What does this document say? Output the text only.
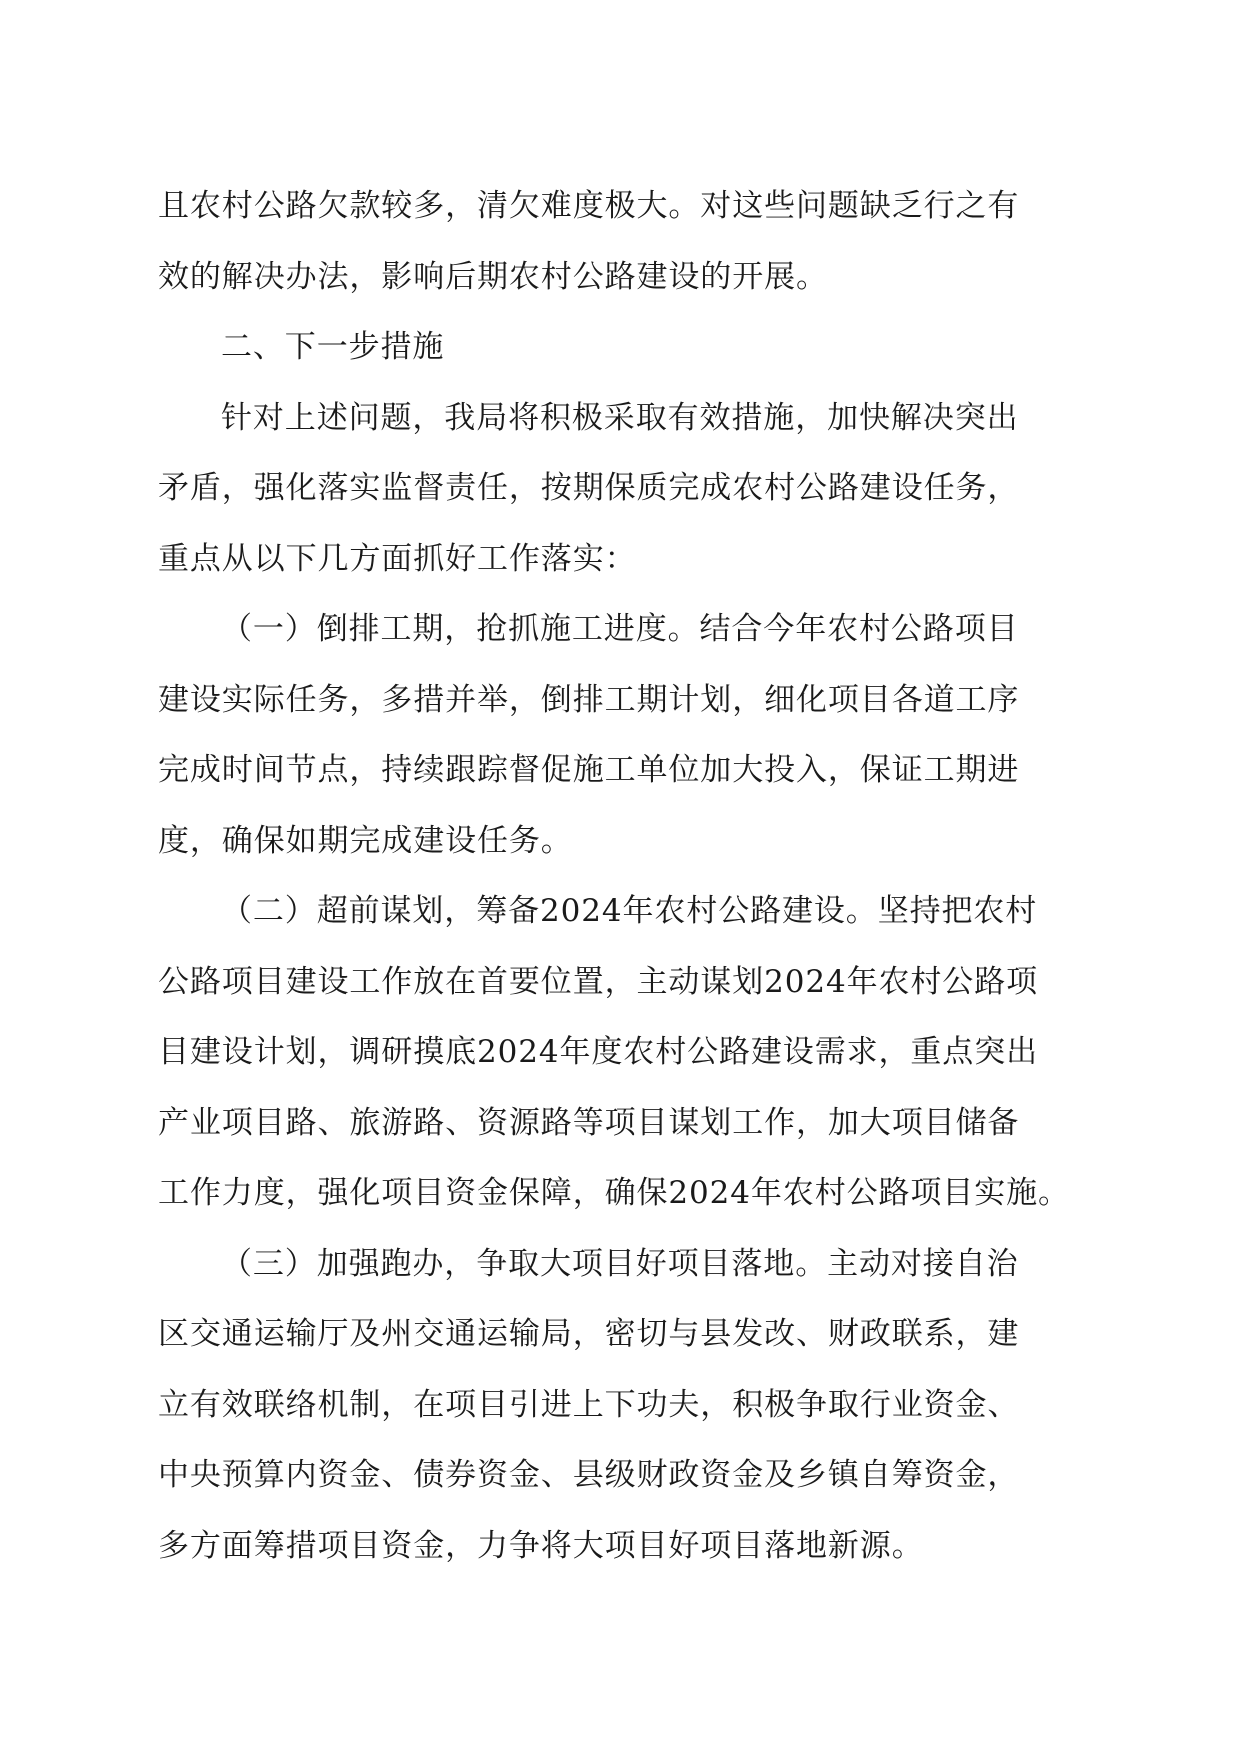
且农村公路欠款较多，清欠难度极大。对这些问题缺乏行之有
效的解决办法，影响后期农村公路建设的开展。
二、下一步措施
针对上述问题，我局将积极采取有效措施，加快解决突出
矛盾，强化落实监督责任，按期保质完成农村公路建设任务，
重点从以下几方面抓好工作落实：
（一）倒排工期，抢抓施工进度。结合今年农村公路项目
建设实际任务，多措并举，倒排工期计划，细化项目各道工序
完成时间节点，持续跟踪督促施工单位加大投入，保证工期进
度，确保如期完成建设任务。
（二）超前谋划，筹备2024年农村公路建设。坚持把农村
公路项目建设工作放在首要位置，主动谋划2024年农村公路项
目建设计划，调研摸底2024年度农村公路建设需求，重点突出
产业项目路、旅游路、资源路等项目谋划工作，加大项目储备
工作力度，强化项目资金保障，确保2024年农村公路项目实施。
（三）加强跑办，争取大项目好项目落地。主动对接自治
区交通运输厅及州交通运输局，密切与县发改、财政联系，建
立有效联络机制，在项目引进上下功夫，积极争取行业资金、
中央预算内资金、债券资金、县级财政资金及乡镇自筹资金，
多方面筹措项目资金，力争将大项目好项目落地新源。
